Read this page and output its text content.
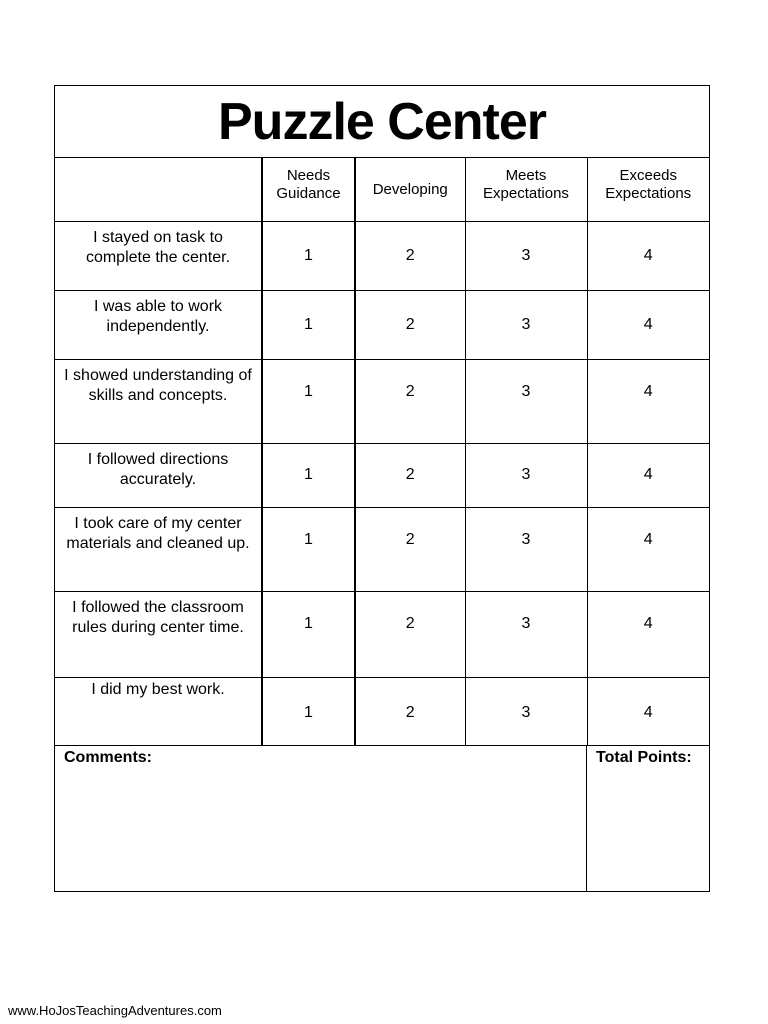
Puzzle Center
	Needs Guidance	Developing	Meets Expectations	Exceeds Expectations
I stayed on task to complete the center.	1	2	3	4
I was able to work independently.	1	2	3	4
I showed understanding of skills and concepts.	1	2	3	4
I followed directions accurately.	1	2	3	4
I took care of my center materials and cleaned up.	1	2	3	4
I followed the classroom rules during center time.	1	2	3	4
I did my best work.	1	2	3	4
Comments:	Total Points:
www.HoJosTeachingAdventures.com
